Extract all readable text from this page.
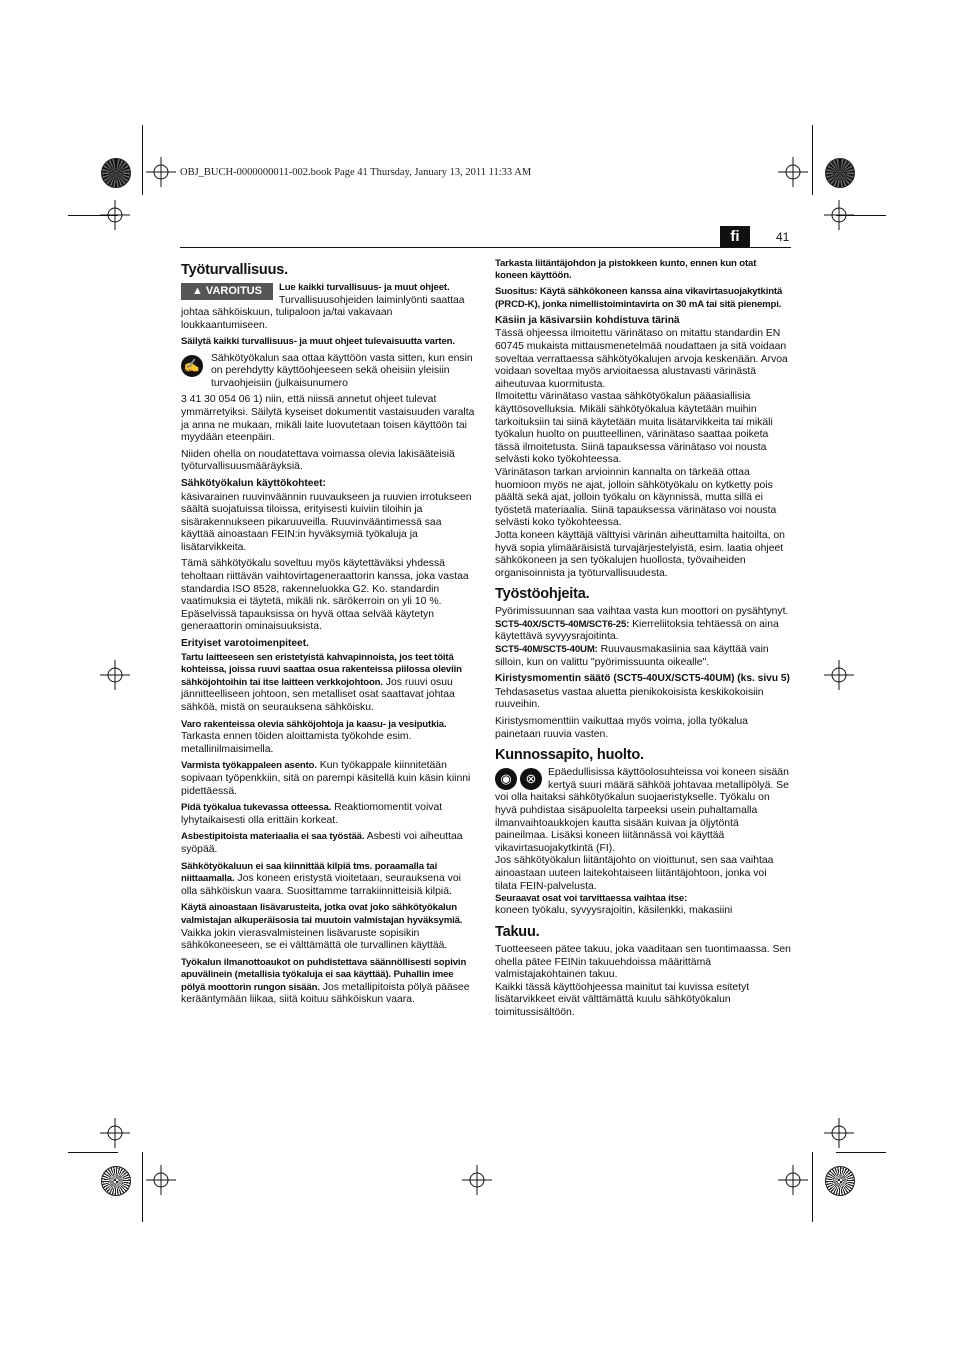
OBJ_BUCH-0000000011-002.book Page 41 Thursday, January 13, 2011 11:33 AM
fi	41
Työturvallisuus.

▲ VAROITUS Lue kaikki turvallisuus- ja muut ohjeet. Turvallisuusohjeiden laiminlyönti saattaa johtaa sähköiskuun, tulipaloon ja/tai vakavaan loukkaantumiseen.

Säilytä kaikki turvallisuus- ja muut ohjeet tulevaisuutta varten.

✍ Sähkötyökalun saa ottaa käyttöön vasta sitten, kun ensin on perehdytty käyttöohjeeseen sekä oheisiin yleisiin turvaohjeisiin (julkaisunumero

3 41 30 054 06 1) niin, että niissä annetut ohjeet tulevat ymmärretyiksi. Säilytä kyseiset dokumentit vastaisuuden varalta ja anna ne mukaan, mikäli laite luovutetaan toisen käyttöön tai myydään eteenpäin.

Niiden ohella on noudatettava voimassa olevia lakisääteisiä työturvallisuusmääräyksiä.

Sähkötyökalun käyttökohteet:

käsivarainen ruuvinväännin ruuvaukseen ja ruuvien irrotukseen säältä suojatuissa tiloissa, erityisesti kuiviin tiloihin ja sisärakennukseen pikaruuveilla. Ruuvinvääntimessä saa käyttää ainoastaan FEIN:in hyväksymiä työkaluja ja lisätarvikkeita.

Tämä sähkötyökalu soveltuu myös käytettäväksi yhdessä teholtaan riittävän vaihtovirtageneraattorin kanssa, joka vastaa standardia ISO 8528, rakenneluokka G2. Ko. standardin vaatimuksia ei täytetä, mikäli nk. särökerroin on yli 10 %. Epäselvissä tapauksissa on hyvä ottaa selvää käytetyn generaattorin ominaisuuksista.

Erityiset varotoimenpiteet.

Tartu laitteeseen sen eristetyistä kahvapinnoista, jos teet töitä kohteissa, joissa ruuvi saattaa osua rakenteissa piilossa oleviin sähköjohtoihin tai itse laitteen verkkojohtoon. Jos ruuvi osuu jännitteelliseen johtoon, sen metalliset osat saattavat johtaa sähköä, mistä on seurauksena sähköisku.

Varo rakenteissa olevia sähköjohtoja ja kaasu- ja vesiputkia. Tarkasta ennen töiden aloittamista työkohde esim. metallinilmaisimella.

Varmista työkappaleen asento. Kun työkappale kiinnitetään sopivaan työpenkkiin, sitä on parempi käsitellä kuin käsin kiinni pidettäessä.

Pidä työkalua tukevassa otteessa. Reaktiomomentit voivat lyhytaikaisesti olla erittäin korkeat.

Asbestipitoista materiaalia ei saa työstää. Asbesti voi aiheuttaa syöpää.

Sähkötyökaluun ei saa kiinnittää kilpiä tms. poraamalla tai niittaamalla. Jos koneen eristystä vioitetaan, seurauksena voi olla sähköiskun vaara. Suosittamme tarrakiinnitteisiä kilpiä.

Käytä ainoastaan lisävarusteita, jotka ovat joko sähkötyökalun valmistajan alkuperäisosia tai muutoin valmistajan hyväksymiä. Vaikka jokin vierasvalmisteinen lisävaruste sopisikin sähkökoneeseen, se ei välttämättä ole turvallinen käyttää.

Työkalun ilmanottoaukot on puhdistettava säännöllisesti sopivin apuvälinein (metallisia työkaluja ei saa käyttää). Puhallin imee pölyä moottorin rungon sisään. Jos metallipitoista pölyä pääsee kerääntymään liikaa, siitä koituu sähköiskun vaara.

Tarkasta liitäntäjohdon ja pistokkeen kunto, ennen kun otat koneen käyttöön.

Suositus: Käytä sähkökoneen kanssa aina vikavirtasuojakytkintä (PRCD-K), jonka nimellistoimintavirta on 30 mA tai sitä pienempi.

Käsiin ja käsivarsiin kohdistuva tärinä

Tässä ohjeessa ilmoitettu värinätaso on mitattu standardin EN 60745 mukaista mittausmenetelmää noudattaen ja sitä voidaan soveltaa verrattaessa sähkötyökalujen arvoja keskenään. Arvoa voidaan soveltaa myös arvioitaessa alustavasti värinästä aiheutuvaa kuormitusta.

Ilmoitettu värinätaso vastaa sähkötyökalun pääasiallisia käyttösovelluksia. Mikäli sähkötyökalua käytetään muihin tarkoituksiin tai siinä käytetään muita lisätarvikkeita tai mikäli työkalun huolto on puutteellinen, värinätaso saattaa poiketa tässä ilmoitetusta. Siinä tapauksessa värinätaso voi nousta selvästi koko työkohteessa.

Värinätason tarkan arvioinnin kannalta on tärkeää ottaa huomioon myös ne ajat, jolloin sähkötyökalu on kytketty pois päältä sekä ajat, jolloin työkalu on käynnissä, mutta sillä ei työstetä materiaalia. Siinä tapauksessa värinätaso voi nousta selvästi koko työkohteessa.

Jotta koneen käyttäjä välttyisi värinän aiheuttamilta haitoilta, on hyvä sopia ylimääräisistä turvajärjestelyistä, esim. laatia ohjeet sähkökoneen ja sen työkalujen huollosta, työvaiheiden organisoinnista ja työturvallisuudesta.

Työstöohjeita.

Pyörimissuunnan saa vaihtaa vasta kun moottori on pysähtynyt.

SCT5-40X/SCT5-40M/SCT6-25: Kierreliitoksia tehtäessä on aina käytettävä syvyysrajoitinta.

SCT5-40M/SCT5-40UM: Ruuvausmakasiinia saa käyttää vain silloin, kun on valittu "pyörimissuunta oikealle".

Kiristysmomentin säätö (SCT5-40UX/SCT5-40UM) (ks. sivu 5)

Tehdasasetus vastaa aluetta pienikokoisista keskikokoisiin ruuveihin.

Kiristysmomenttiin vaikuttaa myös voima, jolla työkalua painetaan ruuvia vasten.

Kunnossapito, huolto.

◉	⊗	Epäedullisissa käyttöolosuhteissa voi koneen sisään kertyä suuri määrä sähköä johtavaa metallipölyä. Se voi olla haitaksi sähkötyökalun suojaeristykselle. Työkalu on hyvä puhdistaa sisäpuolelta tarpeeksi usein puhaltamalla ilmanvaihtoaukkojen kautta sisään kuivaa ja öljytöntä paineilmaa. Lisäksi koneen liitännässä voi käyttää vikavirtasuojakytkintä (FI).

Jos sähkötyökalun liitäntäjohto on vioittunut, sen saa vaihtaa ainoastaan uuteen laitekohtaiseen liitäntäjohtoon, jonka voi tilata FEIN-palvelusta.

Seuraavat osat voi tarvittaessa vaihtaa itse:

koneen työkalu, syvyysrajoitin, käsilenkki, makasiini

Takuu.

Tuotteeseen pätee takuu, joka vaaditaan sen tuontimaassa. Sen ohella pätee FEINin takuuehdoissa määrittämä valmistajakohtainen takuu.

Kaikki tässä käyttöohjeessa mainitut tai kuvissa esitetyt lisätarvikkeet eivät välttämättä kuulu sähkötyökalun toimitussisältöön.
